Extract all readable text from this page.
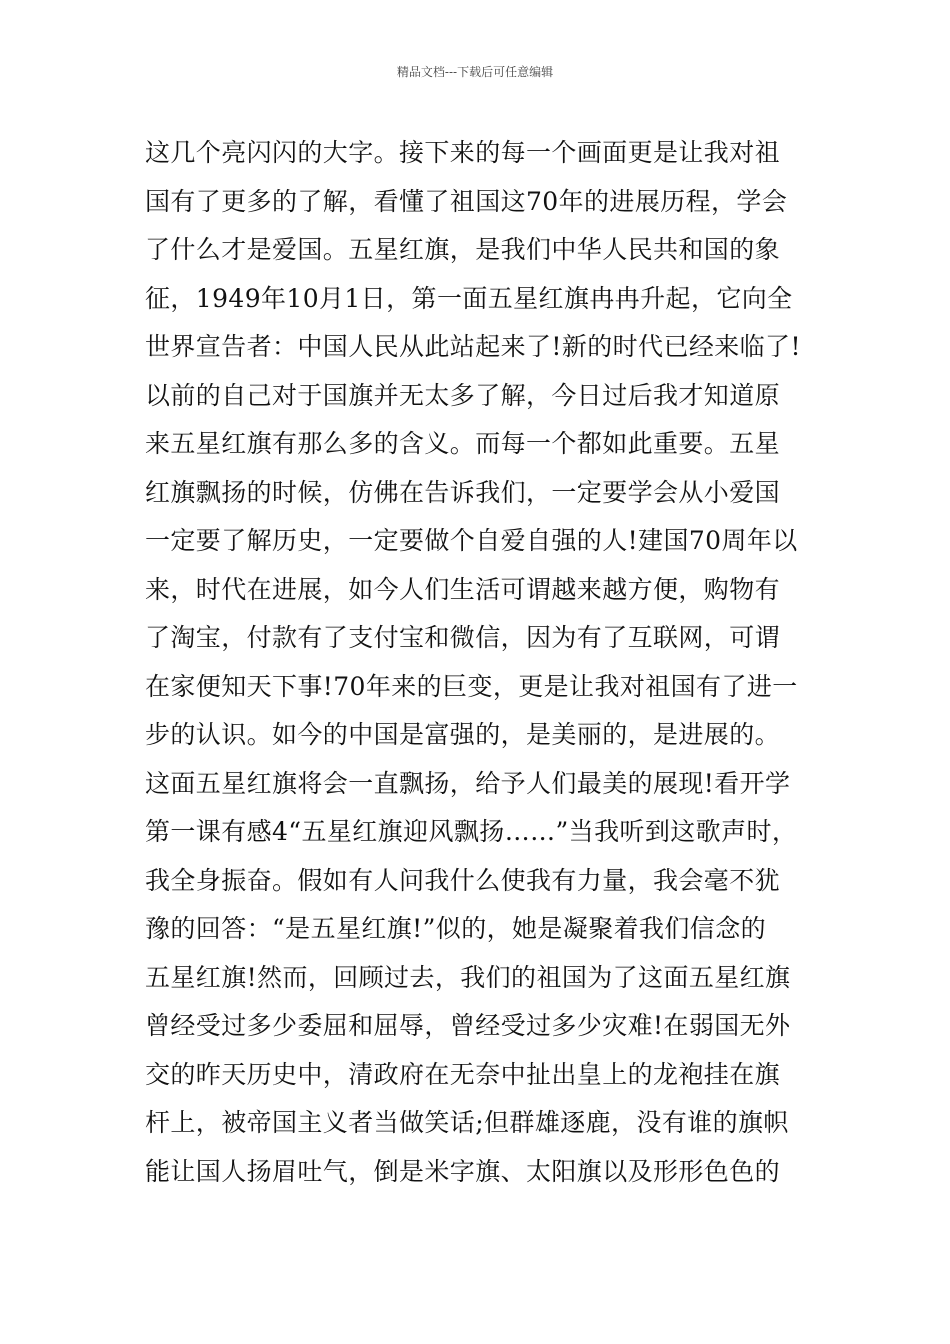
精品文档---下载后可任意编辑
这几个亮闪闪的大字。接下来的每一个画面更是让我对祖
国有了更多的了解，看懂了祖国这70年的进展历程，学会
了什么才是爱国。五星红旗，是我们中华人民共和国的象
征，1949年10月1日，第一面五星红旗冉冉升起，它向全
世界宣告者：中国人民从此站起来了!新的时代已经来临了!
以前的自己对于国旗并无太多了解，今日过后我才知道原
来五星红旗有那么多的含义。而每一个都如此重要。五星
红旗飘扬的时候，仿佛在告诉我们，一定要学会从小爱国
一定要了解历史，一定要做个自爱自强的人!建国70周年以
来，时代在进展，如今人们生活可谓越来越方便，购物有
了淘宝，付款有了支付宝和微信，因为有了互联网，可谓
在家便知天下事!70年来的巨变，更是让我对祖国有了进一
步的认识。如今的中国是富强的，是美丽的，是进展的。
这面五星红旗将会一直飘扬，给予人们最美的展现!看开学
第一课有感4“五星红旗迎风飘扬……”当我听到这歌声时，
我全身振奋。假如有人问我什么使我有力量，我会毫不犹
豫的回答：“是五星红旗!”似的，她是凝聚着我们信念的
五星红旗!然而，回顾过去，我们的祖国为了这面五星红旗
曾经受过多少委屈和屈辱，曾经受过多少灾难!在弱国无外
交的昨天历史中，清政府在无奈中扯出皇上的龙袍挂在旗
杆上，被帝国主义者当做笑话;但群雄逐鹿，没有谁的旗帜
能让国人扬眉吐气，倒是米字旗、太阳旗以及形形色色的
